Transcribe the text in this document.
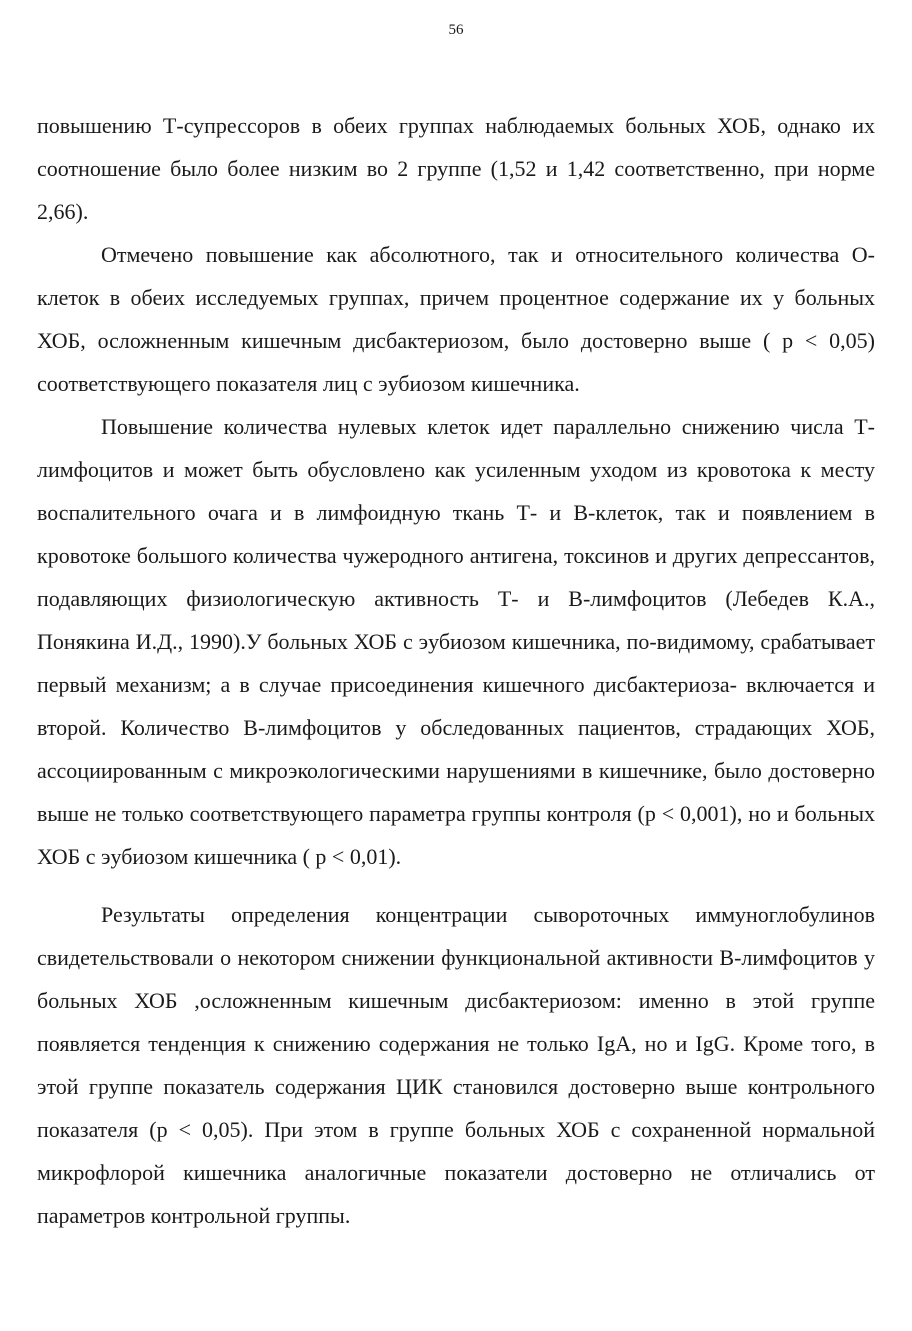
56

повышению Т-супрессоров в обеих группах наблюдаемых больных ХОБ, однако их соотношение было более низким во 2 группе (1,52 и 1,42 соответственно, при норме 2,66).

Отмечено повышение как абсолютного, так и относительного количества О-клеток в обеих исследуемых группах, причем процентное содержание их у больных ХОБ, осложненным кишечным дисбактериозом, было достоверно выше ( p < 0,05) соответствующего показателя лиц с эубиозом кишечника.

Повышение количества нулевых клеток идет параллельно снижению числа Т-лимфоцитов и может быть обусловлено как усиленным уходом из кровотока к месту воспалительного очага и в лимфоидную ткань Т- и В-клеток, так и появлением в кровотоке большого количества чужеродного антигена, токсинов и других депрессантов, подавляющих физиологическую активность Т- и В-лимфоцитов (Лебедев К.А., Понякина И.Д., 1990).У больных ХОБ с эубиозом кишечника, по-видимому, срабатывает первый механизм; а в случае присоединения кишечного дисбактериоза- включается и второй. Количество В-лимфоцитов у обследованных пациентов, страдающих ХОБ, ассоциированным с микроэкологическими нарушениями в кишечнике, было достоверно выше не только соответствующего параметра группы контроля (p < 0,001), но и больных ХОБ с эубиозом кишечника ( p < 0,01).

Результаты определения концентрации сывороточных иммуноглобулинов свидетельствовали о некотором снижении функциональной активности В-лимфоцитов у больных ХОБ ,осложненным кишечным дисбактериозом: именно в этой группе появляется тенденция к снижению содержания не только IgA, но и IgG. Кроме того, в этой группе показатель содержания ЦИК становился достоверно выше контрольного показателя (p < 0,05). При этом в группе больных ХОБ с сохраненной нормальной микрофлорой кишечника аналогичные показатели достоверно не отличались от параметров контрольной группы.
